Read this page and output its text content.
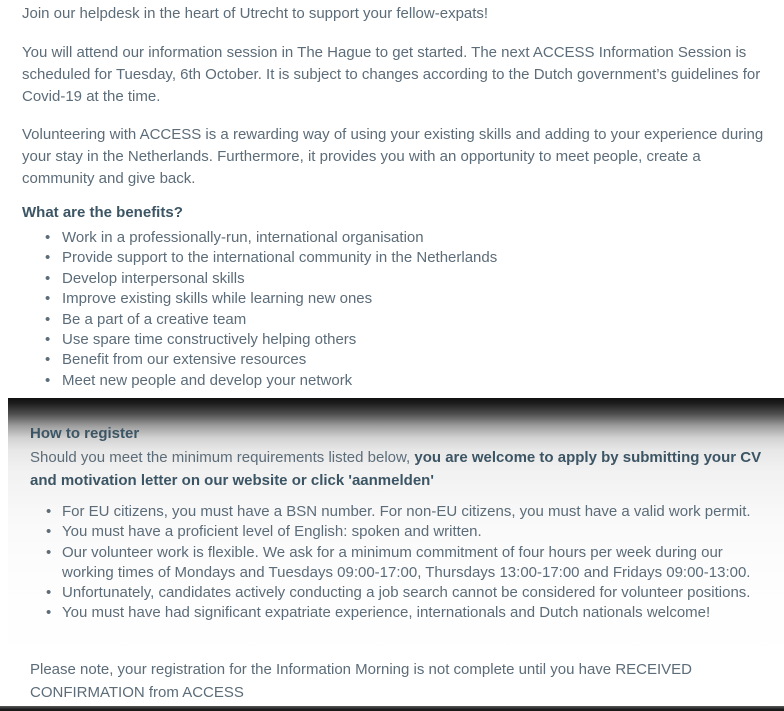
Join our helpdesk in the heart of Utrecht to support your fellow-expats!

You will attend our information session in The Hague to get started. The next ACCESS Information Session is scheduled for Tuesday, 6th October. It is subject to changes according to the Dutch government’s guidelines for Covid-19 at the time.

Volunteering with ACCESS is a rewarding way of using your existing skills and adding to your experience during your stay in the Netherlands. Furthermore, it provides you with an opportunity to meet people, create a community and give back.

What are the benefits?
• Work in a professionally-run, international organisation
• Provide support to the international community in the Netherlands
• Develop interpersonal skills
• Improve existing skills while learning new ones
• Be a part of a creative team
• Use spare time constructively helping others
• Benefit from our extensive resources
• Meet new people and develop your network
How to register

Should you meet the minimum requirements listed below, you are welcome to apply by submitting your CV and motivation letter on our website or click 'aanmelden'

• For EU citizens, you must have a BSN number. For non-EU citizens, you must have a valid work permit.
• You must have a proficient level of English: spoken and written.
• Our volunteer work is flexible. We ask for a minimum commitment of four hours per week during our working times of Mondays and Tuesdays 09:00-17:00, Thursdays 13:00-17:00 and Fridays 09:00-13:00.
• Unfortunately, candidates actively conducting a job search cannot be considered for volunteer positions.
• You must have had significant expatriate experience, internationals and Dutch nationals welcome!

Please note, your registration for the Information Morning is not complete until you have RECEIVED CONFIRMATION from ACCESS
